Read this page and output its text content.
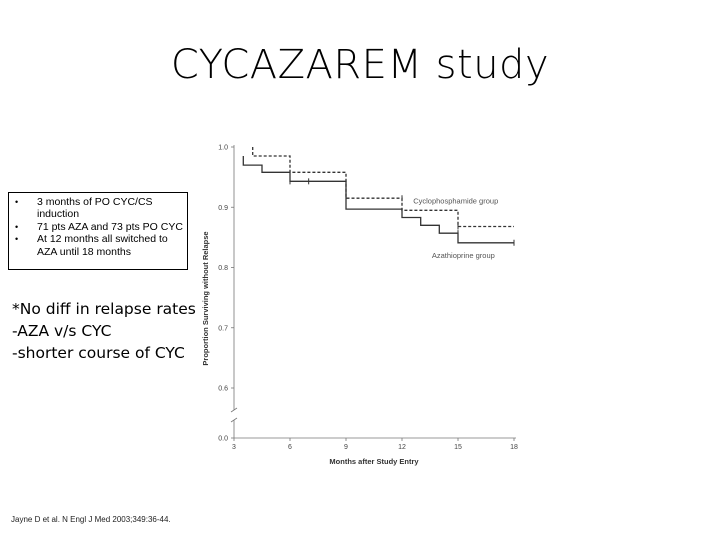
CYCAZAREM study
• 3 months of PO CYC/CS induction
• 71 pts AZA and 73 pts PO CYC
• At 12 months all switched to AZA until 18 months
*No diff in relapse rates
-AZA v/s CYC
-shorter course of CYC
Jayne D et al. N Engl J Med 2003;349:36-44.
1.0
0.9
0.8
0.7
0.6
0.0
3	6	9	12	15	18
Cyclophosphamide group
Azathioprine group
Months after Study Entry
Proportion Surviving without Relapse
